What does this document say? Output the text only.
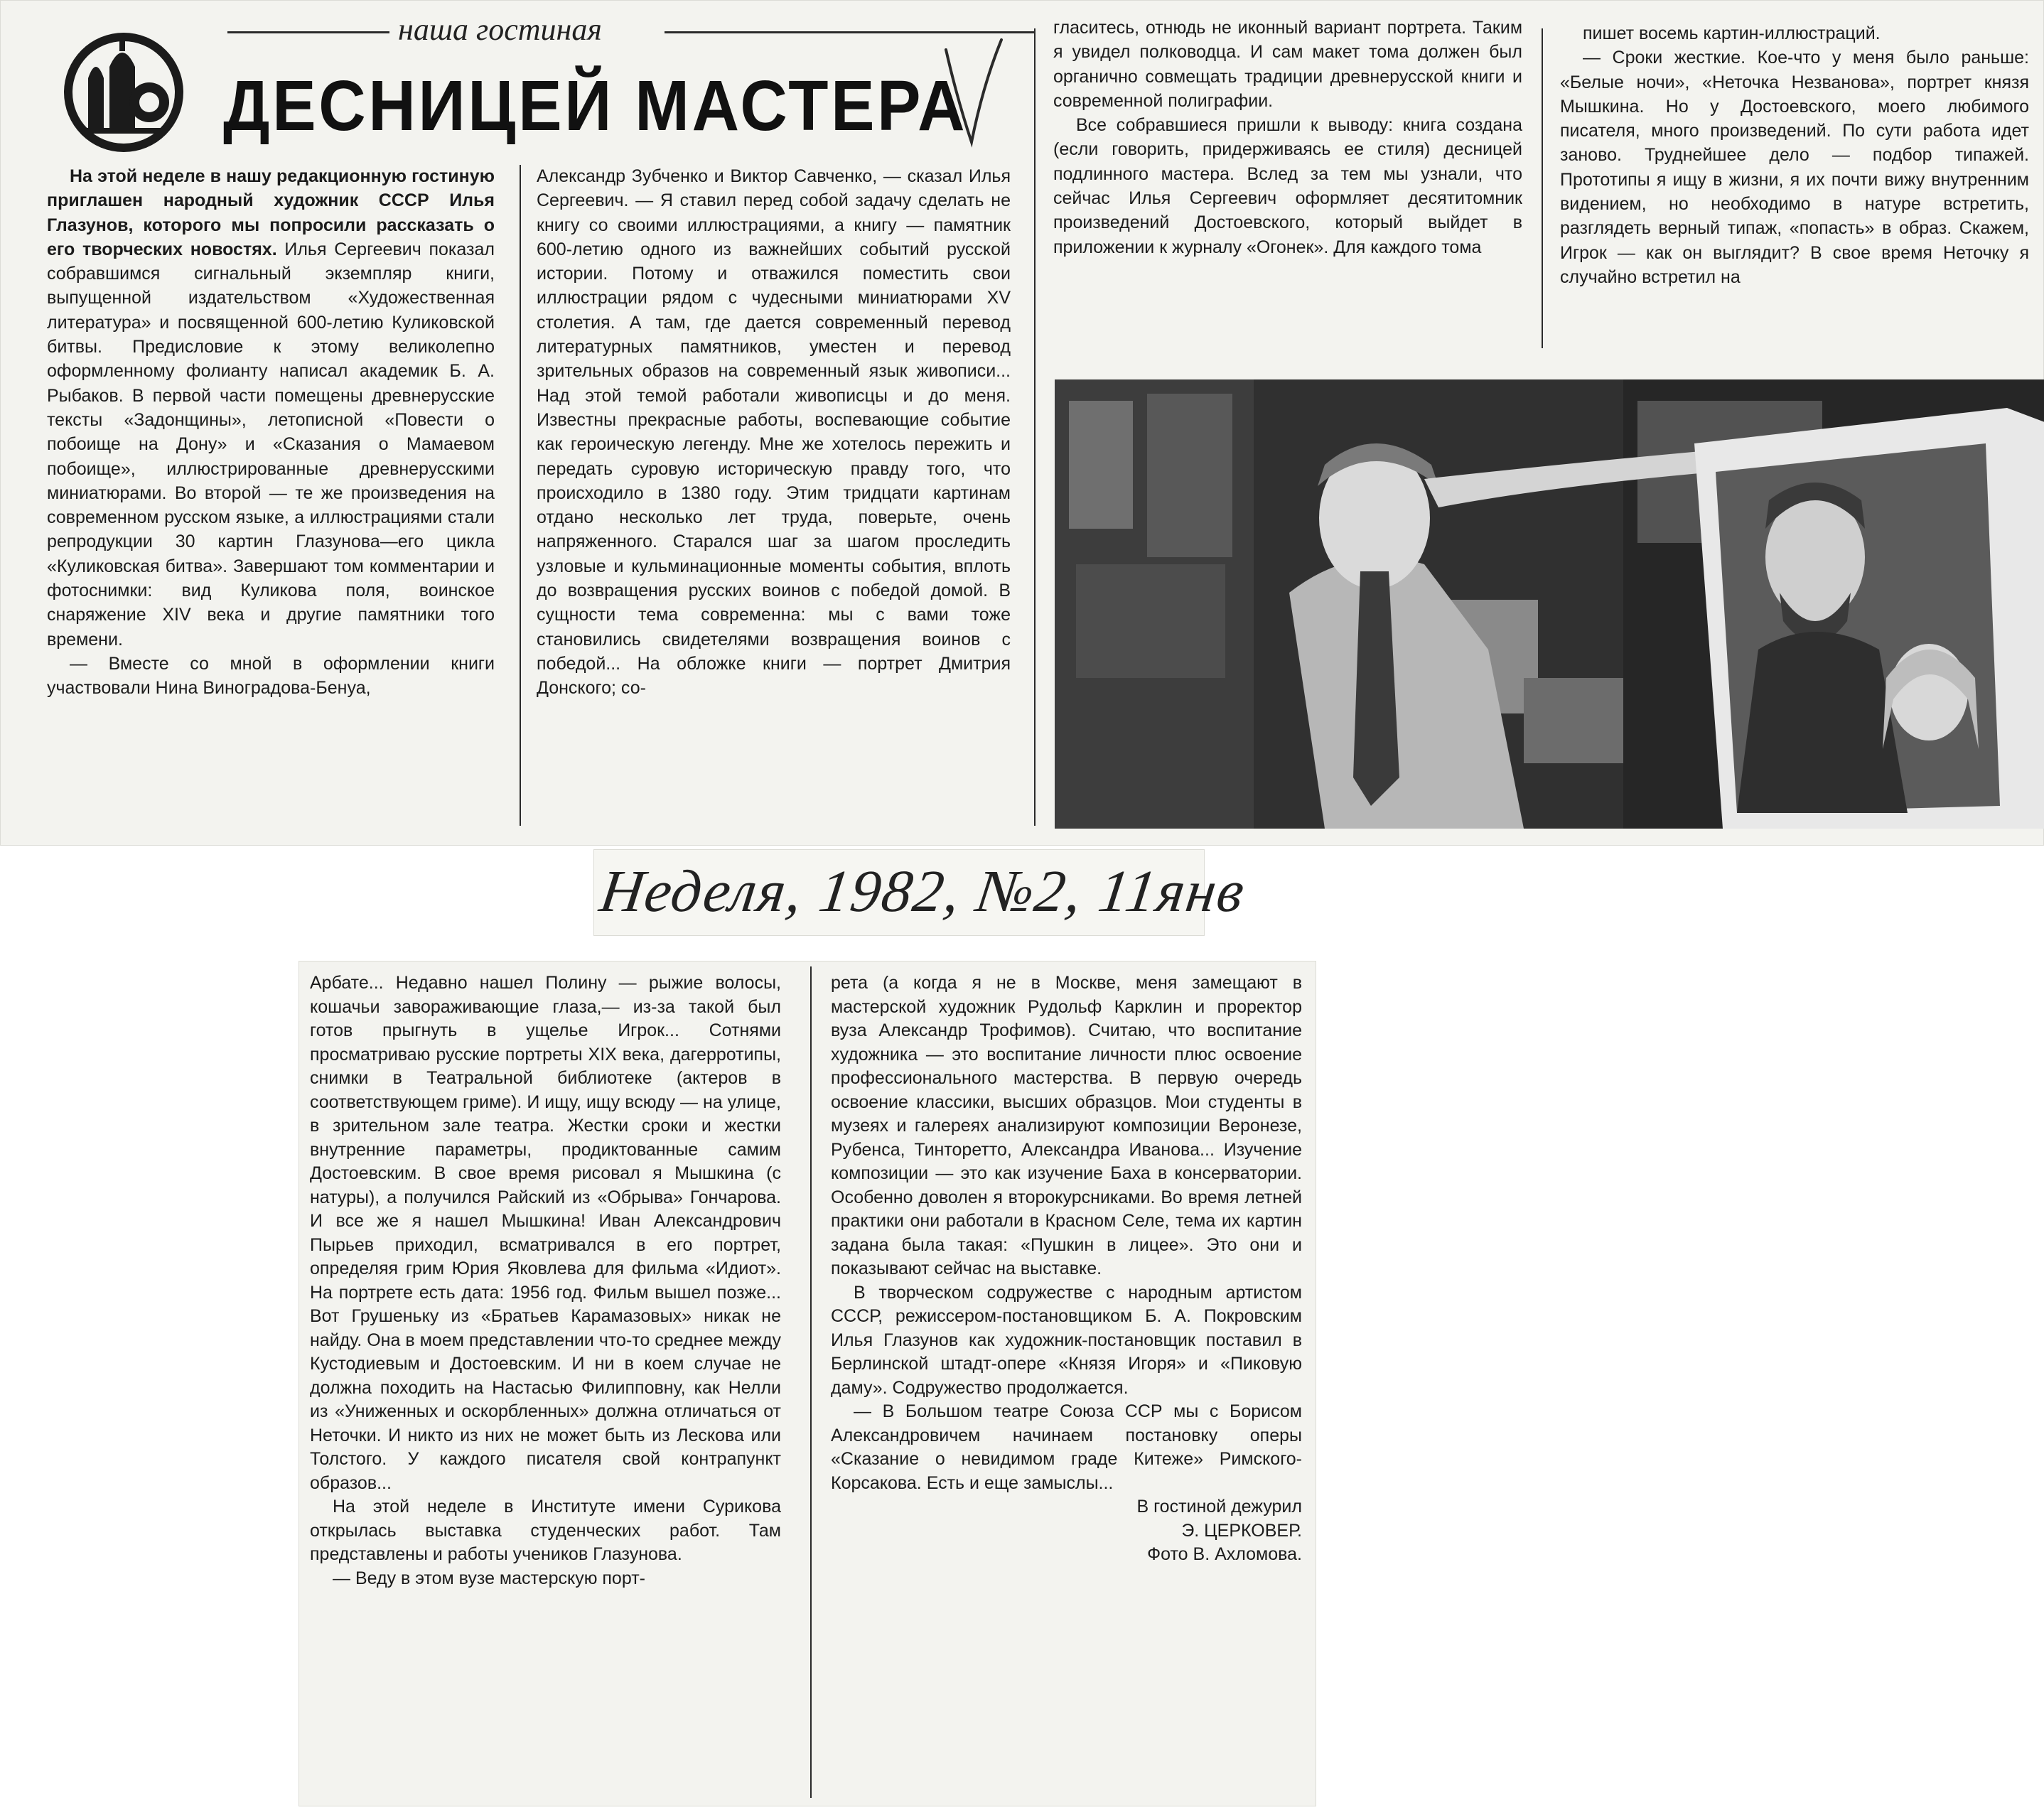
наша гостиная
ДЕСНИЦЕЙ МАСТЕРА

На этой неделе в нашу редакционную гостиную приглашен народный художник СССР Илья Глазунов, которого мы попросили рассказать о его творческих новостях. Илья Сергеевич показал собравшимся сигнальный экземпляр книги, выпущенной издательством «Художественная литература» и посвященной 600-летию Куликовской битвы. Предисловие к этому великолепно оформленному фолианту написал академик Б. А. Рыбаков. В первой части помещены древнерусские тексты «Задонщины», летописной «Повести о побоище на Дону» и «Сказания о Мамаевом побоище», иллюстрированные древнерусскими миниатюрами. Во второй — те же произведения на современном русском языке, а иллюстрациями стали репродукции 30 картин Глазунова—его цикла «Куликовская битва». Завершают том комментарии и фотоснимки: вид Куликова поля, воинское снаряжение XIV века и другие памятники того времени.

— Вместе со мной в оформлении книги участвовали Нина Виноградова-Бенуа,

Александр Зубченко и Виктор Савченко, — сказал Илья Сергеевич. — Я ставил перед собой задачу сделать не книгу со своими иллюстрациями, а книгу — памятник 600-летию одного из важнейших событий русской истории. Потому и отважился поместить свои иллюстрации рядом с чудесными миниатюрами XV столетия. А там, где дается современный перевод литературных памятников, уместен и перевод зрительных образов на современный язык живописи... Над этой темой работали живописцы и до меня. Известны прекрасные работы, воспевающие событие как героическую легенду. Мне же хотелось пережить и передать суровую историческую правду того, что происходило в 1380 году. Этим тридцати картинам отдано несколько лет труда, поверьте, очень напряженного. Старался шаг за шагом проследить узловые и кульминационные моменты события, вплоть до возвращения русских воинов с победой домой. В сущности тема современна: мы с вами тоже становились свидетелями возвращения воинов с победой... На обложке книги — портрет Дмитрия Донского; со-

гласитесь, отнюдь не иконный вариант портрета. Таким я увидел полководца. И сам макет тома должен был органично совмещать традиции древнерусской книги и современной полиграфии.

Все собравшиеся пришли к выводу: книга создана (если говорить, придерживаясь ее стиля) десницей подлинного мастера. Вслед за тем мы узнали, что сейчас Илья Сергеевич оформляет десятитомник произведений Достоевского, который выйдет в приложении к журналу «Огонек». Для каждого тома

пишет восемь картин-иллюстраций.

— Сроки жесткие. Кое-что у меня было раньше: «Белые ночи», «Неточка Незванова», портрет князя Мышкина. Но у Достоевского, моего любимого писателя, много произведений. По сути работа идет заново. Труднейшее дело — подбор типажей. Прототипы я ищу в жизни, я их почти вижу внутренним видением, но необходимо в натуре встретить, разглядеть верный типаж, «попасть» в образ. Скажем, Игрок — как он выглядит? В свое время Неточку я случайно встретил на

Неделя, 1982, №2, 11янв

Арбате... Недавно нашел Полину — рыжие волосы, кошачьи завораживающие глаза,— из-за такой был готов прыгнуть в ущелье Игрок... Сотнями просматриваю русские портреты XIX века, дагерротипы, снимки в Театральной библиотеке (актеров в соответствующем гриме). И ищу, ищу всюду — на улице, в зрительном зале театра. Жестки сроки и жестки внутренние параметры, продиктованные самим Достоевским. В свое время рисовал я Мышкина (с натуры), а получился Райский из «Обрыва» Гончарова. И все же я нашел Мышкина! Иван Александрович Пырьев приходил, всматривался в его портрет, определяя грим Юрия Яковлева для фильма «Идиот». На портрете есть дата: 1956 год. Фильм вышел позже... Вот Грушеньку из «Братьев Карамазовых» никак не найду. Она в моем представлении что-то среднее между Кустодиевым и Достоевским. И ни в коем случае не должна походить на Настасью Филипповну, как Нелли из «Униженных и оскорбленных» должна отличаться от Неточки. И никто из них не может быть из Лескова или Толстого. У каждого писателя свой контрапункт образов...

На этой неделе в Институте имени Сурикова открылась выставка студенческих работ. Там представлены и работы учеников Глазунова.

— Веду в этом вузе мастерскую порт-

рета (а когда я не в Москве, меня замещают в мастерской художник Рудольф Карклин и проректор вуза Александр Трофимов). Считаю, что воспитание художника — это воспитание личности плюс освоение профессионального мастерства. В первую очередь освоение классики, высших образцов. Мои студенты в музеях и галереях анализируют композиции Веронезе, Рубенса, Тинторетто, Александра Иванова... Изучение композиции — это как изучение Баха в консерватории. Особенно доволен я второкурсниками. Во время летней практики они работали в Красном Селе, тема их картин задана была такая: «Пушкин в лицее». Это они и показывают сейчас на выставке.

В творческом содружестве с народным артистом СССР, режиссером-постановщиком Б. А. Покровским Илья Глазунов как художник-постановщик поставил в Берлинской штадт-опере «Князя Игоря» и «Пиковую даму». Содружество продолжается.

— В Большом театре Союза ССР мы с Борисом Александровичем начинаем постановку оперы «Сказание о невидимом граде Китеже» Римского-Корсакова. Есть и еще замыслы...

В гостиной дежурил

Э. ЦЕРКОВЕР.

Фото В. Ахломова.
